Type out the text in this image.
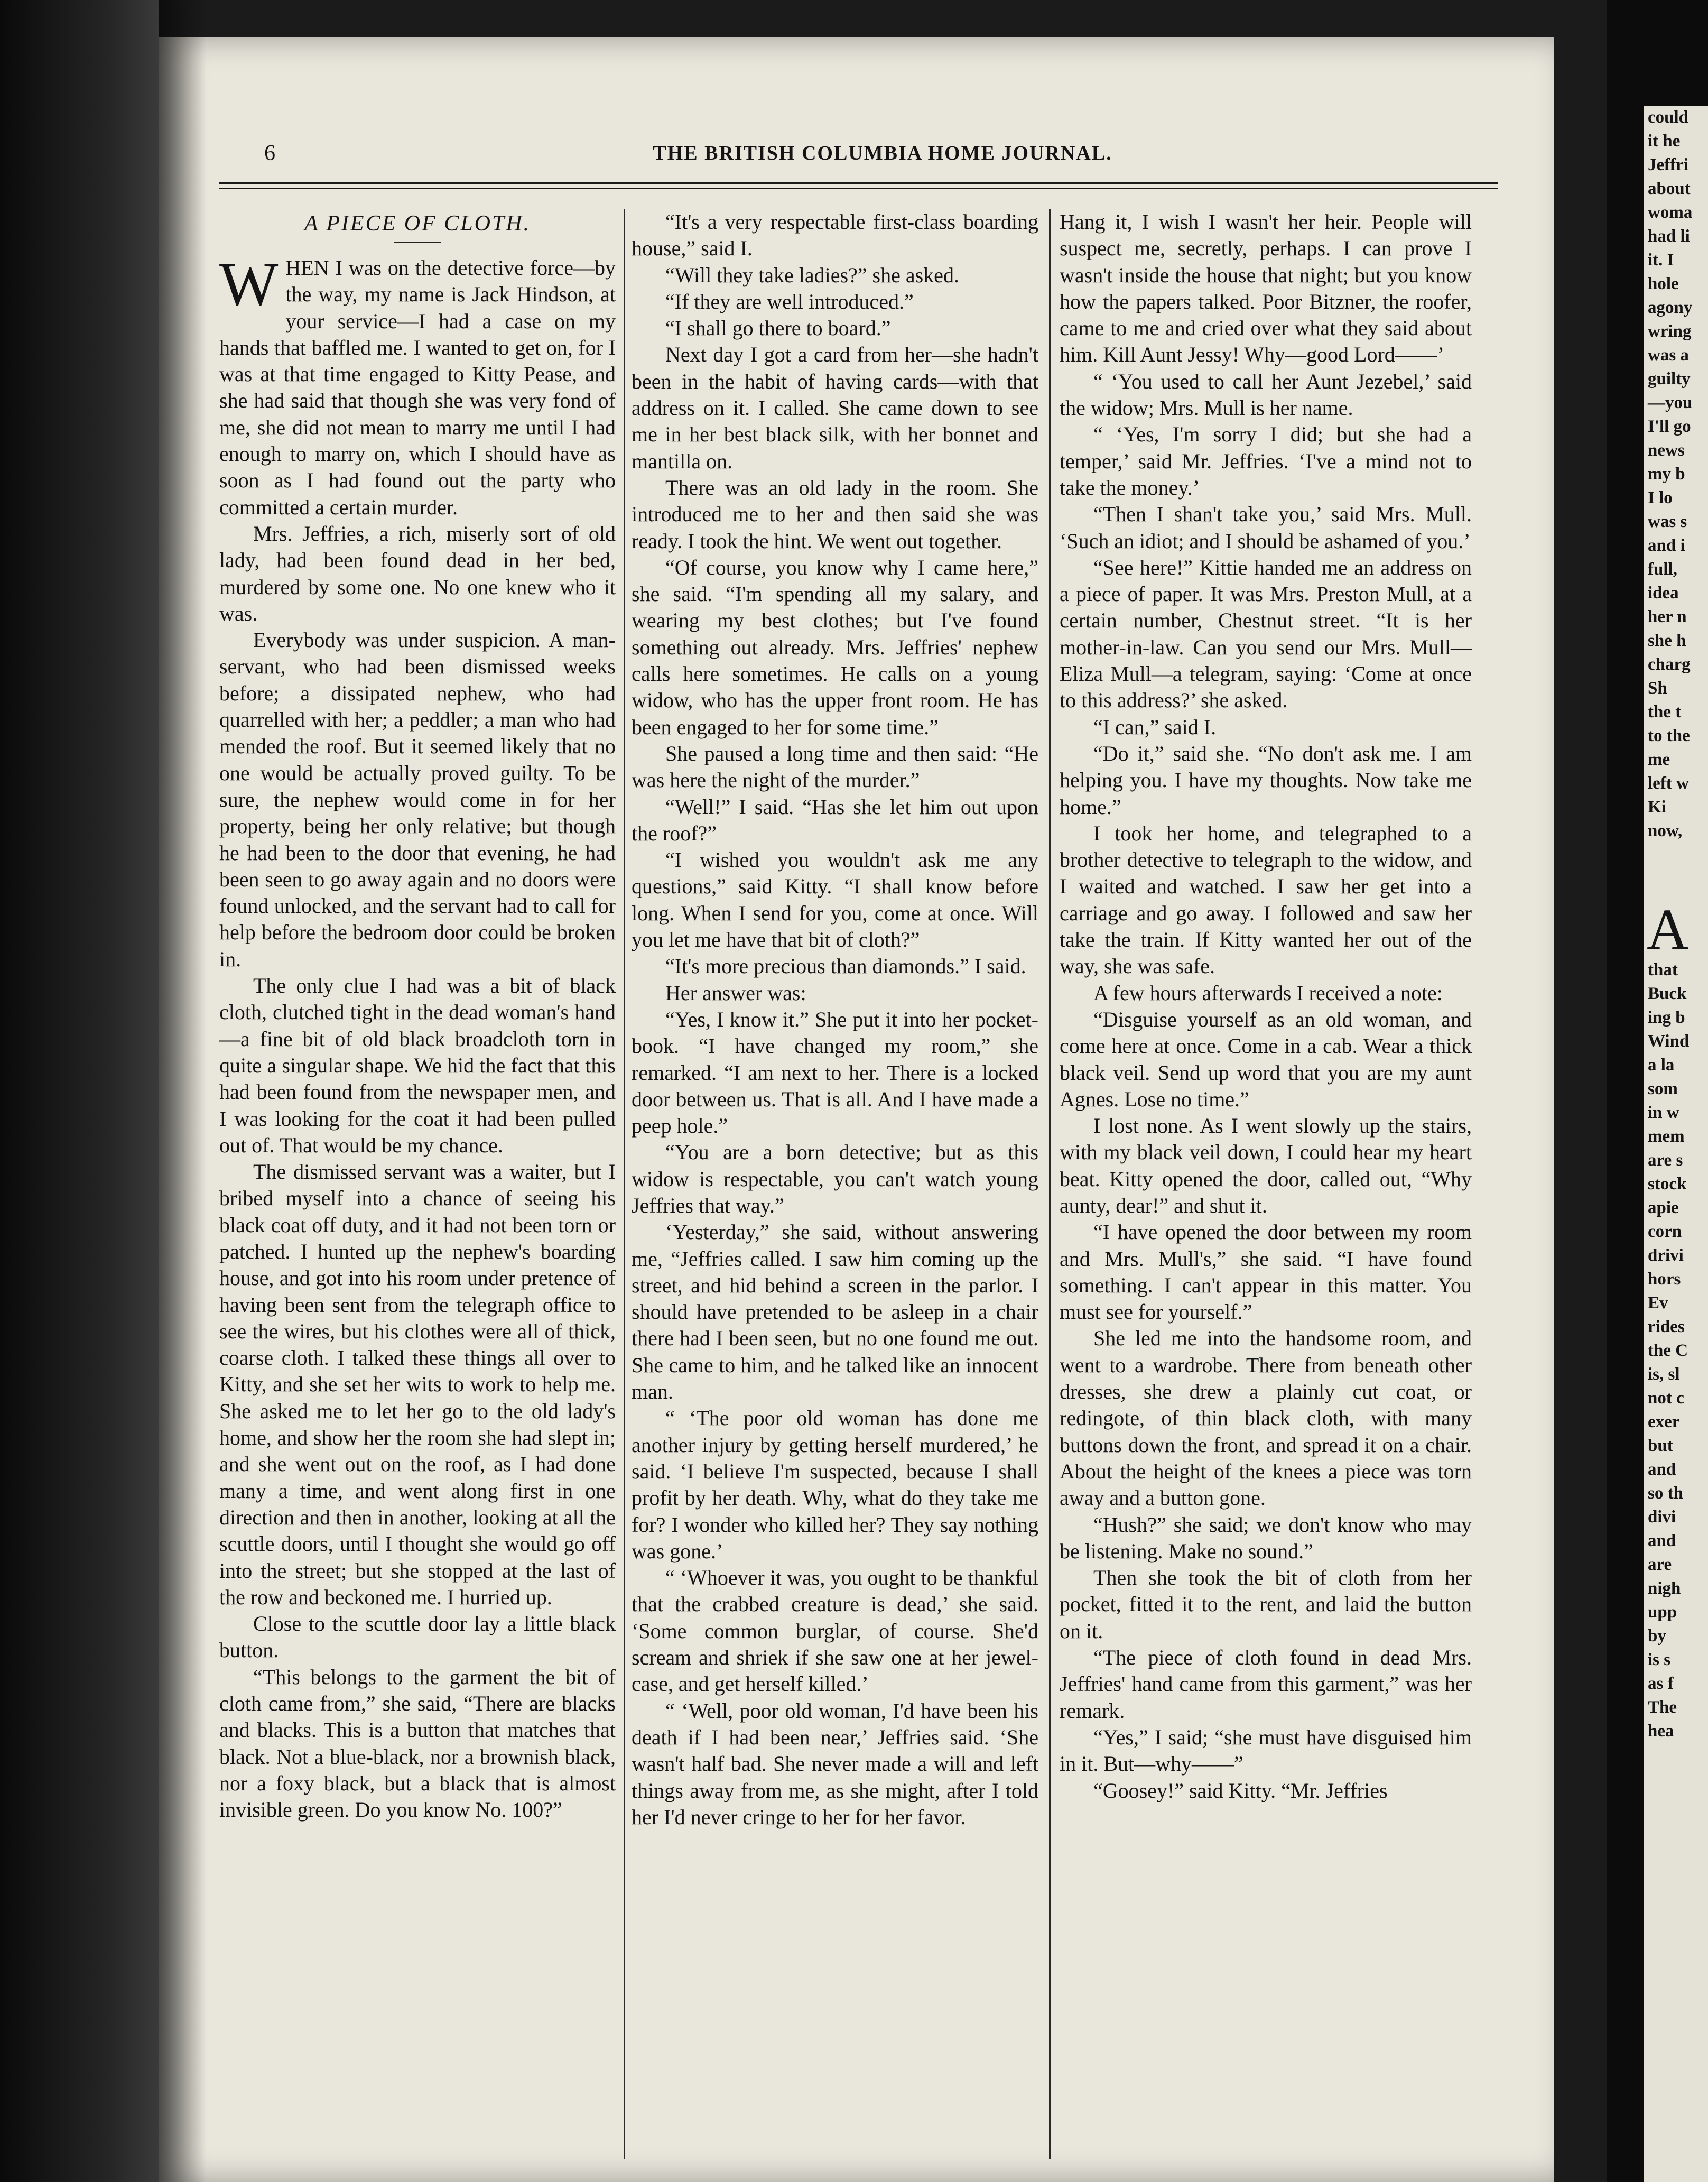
could
it he
Jeffri
about
woma
had li
it. I
hole
agony
wring
was a
guilty
—you
I'll go
news
my b
I lo
was s
and i
full,
idea
her n
she h
charg
Sh
the t
to the
me
left w
Ki
now,

A
that
Buck
ing b
Wind
a la
som
in w
mem
are s
stock
apie
corn
drivi
hors
Ev
rides
the C
is, sl
not c
exer
but
and
so th
divi
and
are
nigh
upp
by
is s
as f
The
hea
6	THE BRITISH COLUMBIA HOME JOURNAL.
A PIECE OF CLOTH.

WHEN I was on the detective force—by the way, my name is Jack Hindson, at your service—I had a case on my hands that baffled me. I wanted to get on, for I was at that time engaged to Kitty Pease, and she had said that though she was very fond of me, she did not mean to marry me until I had enough to marry on, which I should have as soon as I had found out the party who committed a certain murder.

Mrs. Jeffries, a rich, miserly sort of old lady, had been found dead in her bed, murdered by some one. No one knew who it was.

Everybody was under suspicion. A man-servant, who had been dismissed weeks before; a dissipated nephew, who had quarrelled with her; a peddler; a man who had mended the roof. But it seemed likely that no one would be actually proved guilty. To be sure, the nephew would come in for her property, being her only relative; but though he had been to the door that evening, he had been seen to go away again and no doors were found unlocked, and the servant had to call for help before the bedroom door could be broken in.

The only clue I had was a bit of black cloth, clutched tight in the dead woman's hand—a fine bit of old black broadcloth torn in quite a singular shape. We hid the fact that this had been found from the newspaper men, and I was looking for the coat it had been pulled out of. That would be my chance.

The dismissed servant was a waiter, but I bribed myself into a chance of seeing his black coat off duty, and it had not been torn or patched. I hunted up the nephew's boarding house, and got into his room under pretence of having been sent from the telegraph office to see the wires, but his clothes were all of thick, coarse cloth. I talked these things all over to Kitty, and she set her wits to work to help me. She asked me to let her go to the old lady's home, and show her the room she had slept in; and she went out on the roof, as I had done many a time, and went along first in one direction and then in another, looking at all the scuttle doors, until I thought she would go off into the street; but she stopped at the last of the row and beckoned me. I hurried up.

Close to the scuttle door lay a little black button.

“This belongs to the garment the bit of cloth came from,” she said, “There are blacks and blacks. This is a button that matches that black. Not a blue-black, nor a brownish black, nor a foxy black, but a black that is almost invisible green. Do you know No. 100?”

“It's a very respectable first-class boarding house,” said I.

“Will they take ladies?” she asked.

“If they are well introduced.”

“I shall go there to board.”

Next day I got a card from her—she hadn't been in the habit of having cards—with that address on it. I called. She came down to see me in her best black silk, with her bonnet and mantilla on.

There was an old lady in the room. She introduced me to her and then said she was ready. I took the hint. We went out together.

“Of course, you know why I came here,” she said. “I'm spending all my salary, and wearing my best clothes; but I've found something out already. Mrs. Jeffries' nephew calls here sometimes. He calls on a young widow, who has the upper front room. He has been engaged to her for some time.”

She paused a long time and then said: “He was here the night of the murder.”

“Well!” I said. “Has she let him out upon the roof?”

“I wished you wouldn't ask me any questions,” said Kitty. “I shall know before long. When I send for you, come at once. Will you let me have that bit of cloth?”

“It's more precious than diamonds.” I said.

Her answer was:

“Yes, I know it.” She put it into her pocket-book. “I have changed my room,” she remarked. “I am next to her. There is a locked door between us. That is all. And I have made a peep hole.”

“You are a born detective; but as this widow is respectable, you can't watch young Jeffries that way.”

‘Yesterday,” she said, without answering me, “Jeffries called. I saw him coming up the street, and hid behind a screen in the parlor. I should have pretended to be asleep in a chair there had I been seen, but no one found me out. She came to him, and he talked like an innocent man.

“ ‘The poor old woman has done me another injury by getting herself murdered,’ he said. ‘I believe I'm suspected, because I shall profit by her death. Why, what do they take me for? I wonder who killed her? They say nothing was gone.’

“ ‘Whoever it was, you ought to be thankful that the crabbed creature is dead,’ she said. ‘Some common burglar, of course. She'd scream and shriek if she saw one at her jewel-case, and get herself killed.’

“ ‘Well, poor old woman, I'd have been his death if I had been near,’ Jeffries said. ‘She wasn't half bad. She never made a will and left things away from me, as she might, after I told her I'd never cringe to her for her favor.

Hang it, I wish I wasn't her heir. People will suspect me, secretly, perhaps. I can prove I wasn't inside the house that night; but you know how the papers talked. Poor Bitzner, the roofer, came to me and cried over what they said about him. Kill Aunt Jessy! Why—good Lord——’

“ ‘You used to call her Aunt Jezebel,’ said the widow; Mrs. Mull is her name.

“ ‘Yes, I'm sorry I did; but she had a temper,’ said Mr. Jeffries. ‘I've a mind not to take the money.’

“Then I shan't take you,’ said Mrs. Mull. ‘Such an idiot; and I should be ashamed of you.’

“See here!” Kittie handed me an address on a piece of paper. It was Mrs. Preston Mull, at a certain number, Chestnut street. “It is her mother-in-law. Can you send our Mrs. Mull—Eliza Mull—a telegram, saying: ‘Come at once to this address?’ she asked.

“I can,” said I.

“Do it,” said she. “No don't ask me. I am helping you. I have my thoughts. Now take me home.”

I took her home, and telegraphed to a brother detective to telegraph to the widow, and I waited and watched. I saw her get into a carriage and go away. I followed and saw her take the train. If Kitty wanted her out of the way, she was safe.

A few hours afterwards I received a note:

“Disguise yourself as an old woman, and come here at once. Come in a cab. Wear a thick black veil. Send up word that you are my aunt Agnes. Lose no time.”

I lost none. As I went slowly up the stairs, with my black veil down, I could hear my heart beat. Kitty opened the door, called out, “Why aunty, dear!” and shut it.

“I have opened the door between my room and Mrs. Mull's,” she said. “I have found something. I can't appear in this matter. You must see for yourself.”

She led me into the handsome room, and went to a wardrobe. There from beneath other dresses, she drew a plainly cut coat, or redingote, of thin black cloth, with many buttons down the front, and spread it on a chair. About the height of the knees a piece was torn away and a button gone.

“Hush?” she said; we don't know who may be listening. Make no sound.”

Then she took the bit of cloth from her pocket, fitted it to the rent, and laid the button on it.

“The piece of cloth found in dead Mrs. Jeffries' hand came from this garment,” was her remark.

“Yes,” I said; “she must have disguised him in it. But—why——”

“Goosey!” said Kitty. “Mr. Jeffries
